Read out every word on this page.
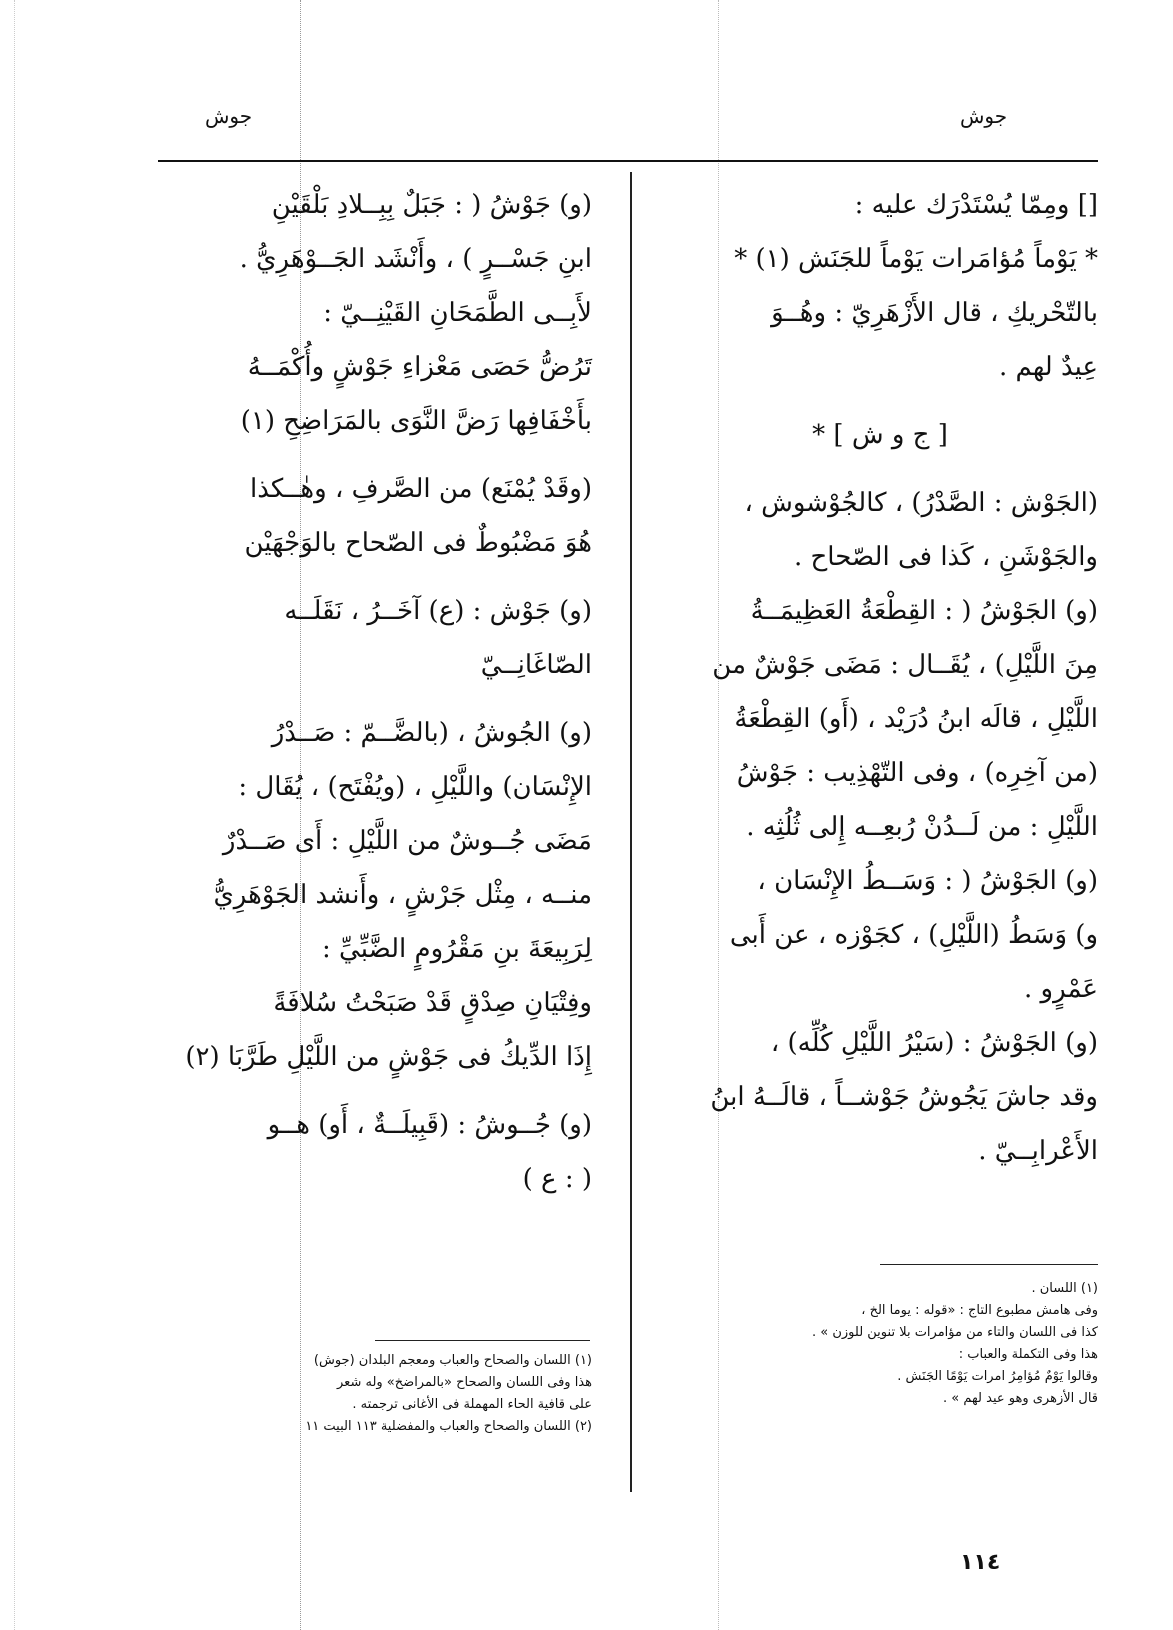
جوش	جوش
[] ومِمّا يُسْتَدْرَك عليه :
* يَوْماً مُؤامَرات يَوْماً للجَنَش (١) *
بالتّحْريكِ ، قال الأَزْهَرِيّ : وهُــوَ
عِيدٌ لهم .
[ ج و ش ] *
(الجَوْش : الصَّدْرُ) ، كالجُوْشوش ،
والجَوْشَنِ ، كَذا فى الصّحاح .
(و) الجَوْشُ ( : القِطْعَةُ العَظِيمَــةُ
مِنَ اللَّيْلِ) ، يُقَــال : مَضَى جَوْشٌ من
اللَّيْلِ ، قالَه ابنُ دُرَيْد ، (أَو) القِطْعَةُ
(من آخِرِه) ، وفى التّهْذِيب : جَوْشُ
اللَّيْلِ : من لَــدُنْ رُبعِــه إِلى ثُلُثِه .
(و) الجَوْشُ ( : وَسَــطُ الإِنْسَان ،
و) وَسَطُ (اللَّيْلِ) ، كجَوْزه ، عن أَبى
عَمْرٍو .
(و) الجَوْشُ : (سَيْرُ اللَّيْلِ كُلِّه) ،
وقد جاشَ يَجُوشُ جَوْشــاً ، قالَــهُ ابنُ
الأَعْرابِــيّ .
(و) جَوْشُ ( : جَبَلٌ بِبِــلادِ بَلْقَيْنِ
ابنِ جَسْــرٍ ) ، وأَنْشَد الجَــوْهَرِيُّ .
لأَبِــى الطَّمَحَانِ القَيْنِــيّ :
تَرُضُّ حَصَى مَعْزاءِ جَوْشٍ وأُكْمَــهُ
بأَخْفَافِها رَضَّ النَّوَى بالمَرَاضِحِ (١)
(وقَدْ يُمْنَع) من الصَّرفِ ، وهٰــكذا
هُوَ مَضْبُوطٌ فى الصّحاح بالوَجْهَيْن
(و) جَوْش : (ع) آخَــرُ ، نَقَلَــه
الصّاغَانِــيّ
(و) الجُوشُ ، (بالضَّــمّ : صَــدْرُ
الإِنْسَان) واللَّيْلِ ، (ويُفْتَح) ، يُقَال :
مَضَى جُــوشٌ من اللَّيْلِ : أَى صَــدْرٌ
منــه ، مِثْل جَرْشٍ ، وأَنشد الجَوْهَرِيُّ
لِرَبِيعَةَ بنِ مَقْرُومٍ الضَّبِّيِّ :
وفِتْيَانِ صِدْقٍ قَدْ صَبَحْتُ سُلافَةً
إِذَا الدِّيكُ فى جَوْشٍ من اللَّيْلِ طَرَّبَا (٢)
(و) جُــوشُ : (قَبِيلَــةٌ ، أَو) هــو
( : ع )
(١) اللسان والصحاح والعباب ومعجم البلدان (جوش)
هذا وفى اللسان والصحاح «بالمراضخ» وله شعر
على قافية الحاء المهملة فى الأغانى ترجمته .
(٢) اللسان والصحاح والعباب والمفضلية ١١٣ البيت ١١
(١) اللسان .
وفى هامش مطبوع التاج : «قوله : يوما الخ ،
كذا فى اللسان والتاء من مؤامرات بلا تنوين للوزن » .
هذا وفى التكملة والعباب :
وقالوا يَوْمٌ مُؤامِرُ امرات يَوْمًا الجَنَش .
قال الأزهرى وهو عيد لهم » .
١١٤
